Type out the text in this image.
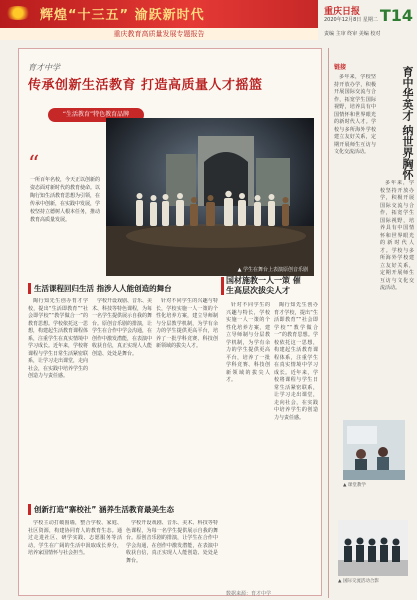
辉煌“十三五” 渝跃新时代
重庆教育高质量发展专题报告
重庆日报
2020年12月8日 星期二 T14
责编 主审 终审 美编 校对
育才中学
传承创新生活教育 打造高质量人才摇篮
“生活教育”特色教育品牌
“
一所百年名校，今天正以创新的姿态面对新时代的教育使命。以陶行知生活教育思想为引领，在传承中创新，在实践中发展，学校坚持立德树人根本任务，推动教育高质量发展。
▲ 学生在舞台上表演原创音乐剧
生活课程回归生活 指涉人人能创造的舞台

陶行知先生创办育才学校，提出“生活即教育”“社会即学校”“教学做合一”的教育思想。学校依托这一思想，构建起生活教育课程体系，注重学生在真实情境中学习成长。近年来，学校将课程与学生日常生活紧密联系，让学习走出课堂，走向社会，在实践中培养学生的创造力与责任感。

学校开设戏剧、音乐、美术、科技等特色课程，为每一名学生提供展示自我的舞台。原创音乐剧的排演，让学生在合作中学会沟通，在创作中激发潜能，在表演中收获自信，真正实现人人能创造、处处是舞台。

针对不同学生的兴趣与特长，学校实施一人一策的个性化培养方案，建立导师制与分层教学机制，为学有余力的学生提供更高平台，培养了一批学科竞赛、科技创新领域的拔尖人才。

创新打造“寨校社” 涵养生活教育最美生态

学校主动打破围墙，整合学校、家庭、社区资源，构建协同育人的教育生态。通过走进社区、研学实践、志愿服务等活动，学生在广阔的生活中汲取成长养分，培养家国情怀与社会担当。

学校开设戏剧、音乐、美术、科技等特色课程，为每一名学生提供展示自我的舞台。原创音乐剧的排演，让学生在合作中学会沟通，在创作中激发潜能，在表演中收获自信，真正实现人人能创造、处处是舞台。

国材施教一人一策 催生高层次拔尖人才

针对不同学生的兴趣与特长，学校实施一人一策的个性化培养方案，建立导师制与分层教学机制，为学有余力的学生提供更高平台，培养了一批学科竞赛、科技创新领域的拔尖人才。

陶行知先生创办育才学校，提出“生活即教育”“社会即学校”“教学做合一”的教育思想。学校依托这一思想，构建起生活教育课程体系，注重学生在真实情境中学习成长。近年来，学校将课程与学生日常生活紧密联系，让学习走出课堂，走向社会，在实践中培养学生的创造力与责任感。

数据来源：育才中学
链接	育中华英才 纳世界胸怀

多年来，学校坚持开放办学，积极开展国际交流与合作，拓宽学生国际视野，培养具有中国情怀和世界眼光的新时代人才。学校与多所海外学校建立友好关系，定期开展师生互访与文化交流活动。

多年来，学校坚持开放办学，积极开展国际交流与合作，拓宽学生国际视野，培养具有中国情怀和世界眼光的新时代人才。学校与多所海外学校建立友好关系，定期开展师生互访与文化交流活动。

▲ 课堂教学
▲ 国际交流活动合影
